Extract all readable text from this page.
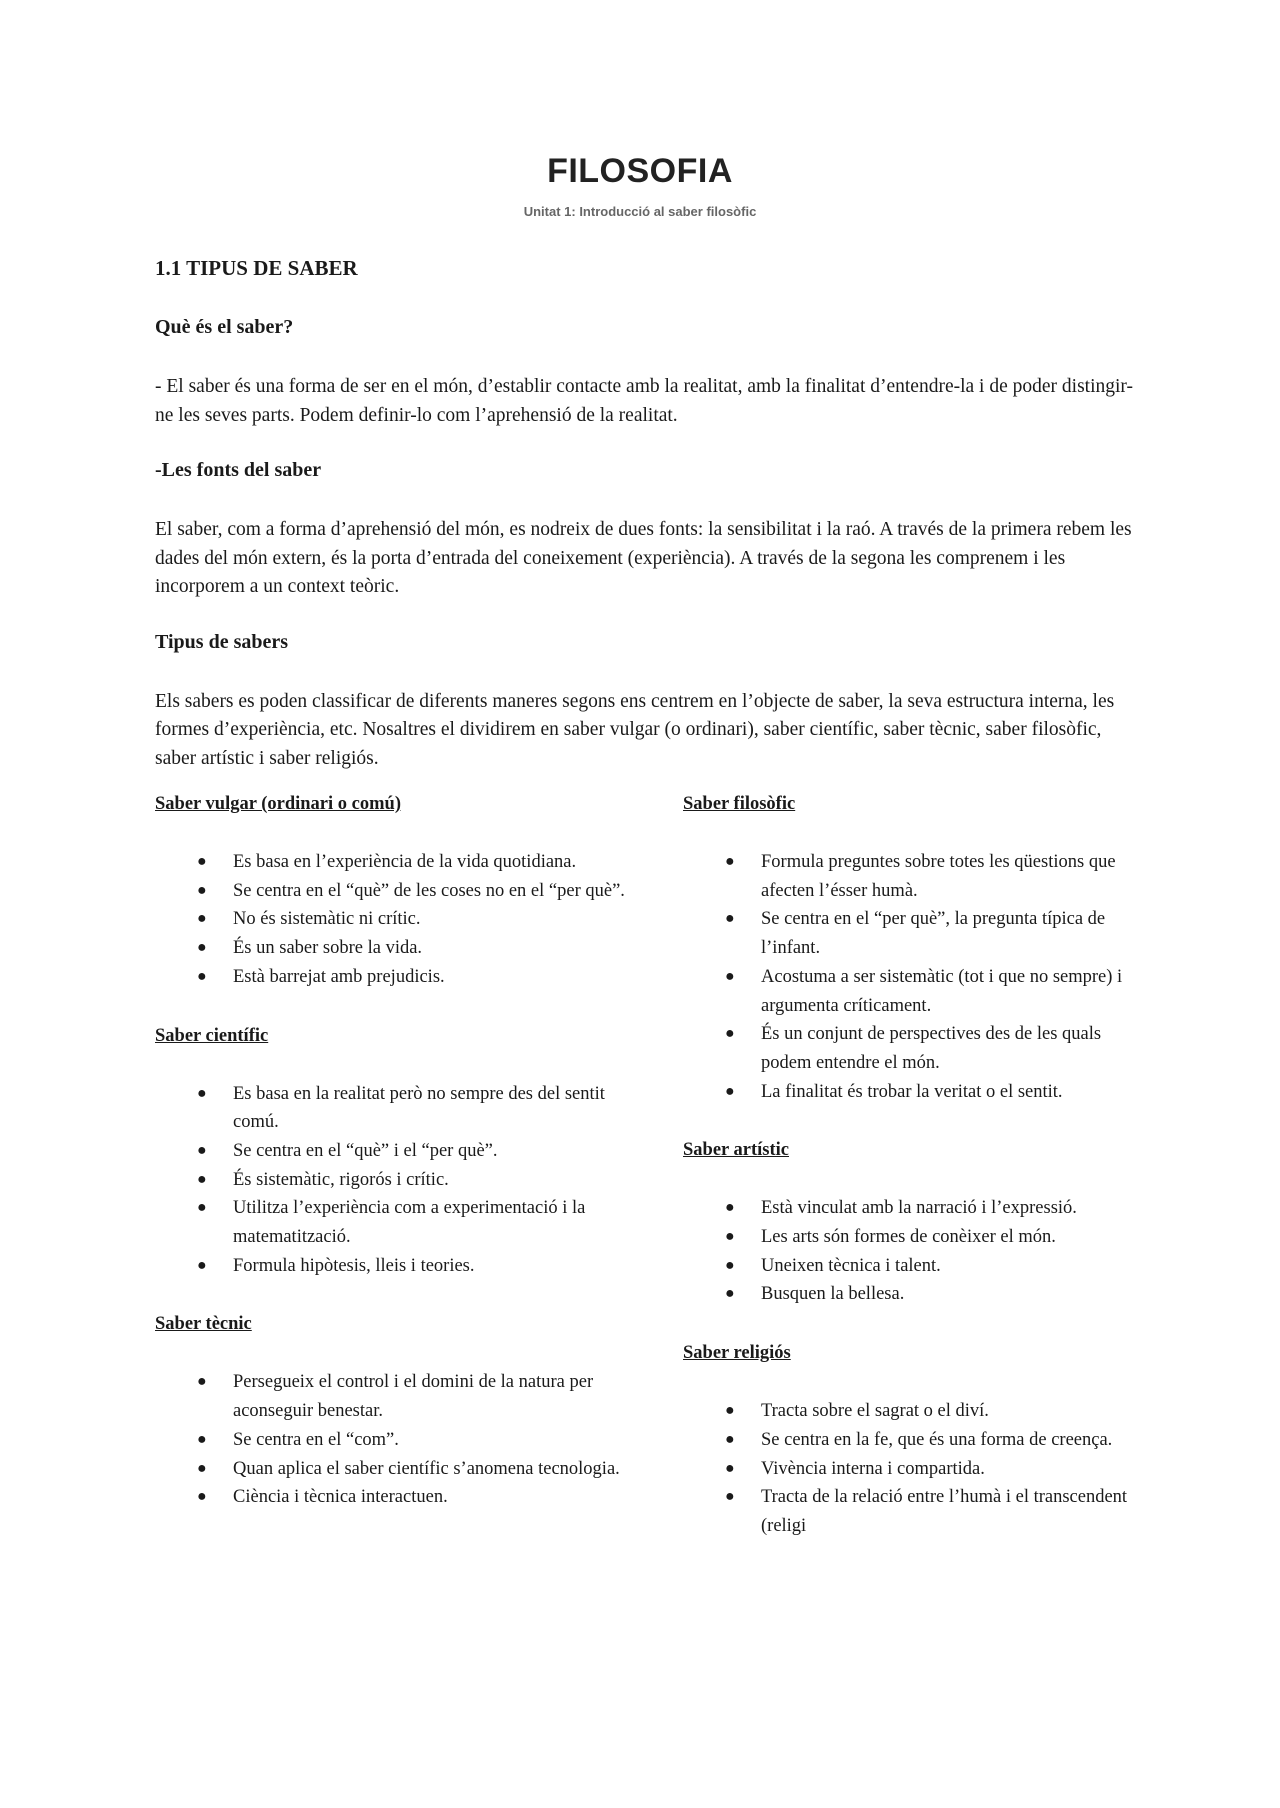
FILOSOFIA
Unitat 1: Introducció al saber filosòfic

1.1 TIPUS DE SABER

Què és el saber?

- El saber és una forma de ser en el món, d’establir contacte amb la realitat, amb la finalitat d’entendre-la i de poder distingir-ne les seves parts. Podem definir-lo com l’aprehensió de la realitat.

-Les fonts del saber

El saber, com a forma d’aprehensió del món, es nodreix de dues fonts: la sensibilitat i la raó. A través de la primera rebem les dades del món extern, és la porta d’entrada del coneixement (experiència). A través de la segona les comprenem i les incorporem a un context teòric.

Tipus de sabers

Els sabers es poden classificar de diferents maneres segons ens centrem en l’objecte de saber, la seva estructura interna, les formes d’experiència, etc. Nosaltres el dividirem en saber vulgar (o ordinari), saber científic, saber tècnic, saber filosòfic, saber artístic i saber religiós.

Saber vulgar (ordinari o comú)

● Es basa en l’experiència de la vida quotidiana.
● Se centra en el “què” de les coses no en el “per què”.
● No és sistemàtic ni crític.
● És un saber sobre la vida.
● Està barrejat amb prejudicis.

Saber científic

● Es basa en la realitat però no sempre des del sentit comú.
● Se centra en el “què” i el “per què”.
● És sistemàtic, rigorós i crític.
● Utilitza l’experiència com a experimentació i la matematització.
● Formula hipòtesis, lleis i teories.

Saber tècnic

● Persegueix el control i el domini de la natura per aconseguir benestar.
● Se centra en el “com”.
● Quan aplica el saber científic s’anomena tecnologia.
● Ciència i tècnica interactuen.

Saber filosòfic

● Formula preguntes sobre totes les qüestions que afecten l’ésser humà.
● Se centra en el “per què”, la pregunta típica de l’infant.
● Acostuma a ser sistemàtic (tot i que no sempre) i argumenta críticament.
● És un conjunt de perspectives des de les quals podem entendre el món.
● La finalitat és trobar la veritat o el sentit.

Saber artístic

● Està vinculat amb la narració i l’expressió.
● Les arts són formes de conèixer el món.
● Uneixen tècnica i talent.
● Busquen la bellesa.

Saber religiós

● Tracta sobre el sagrat o el diví.
● Se centra en la fe, que és una forma de creença.
● Vivència interna i compartida.
● Tracta de la relació entre l’humà i el transcendent (religi
